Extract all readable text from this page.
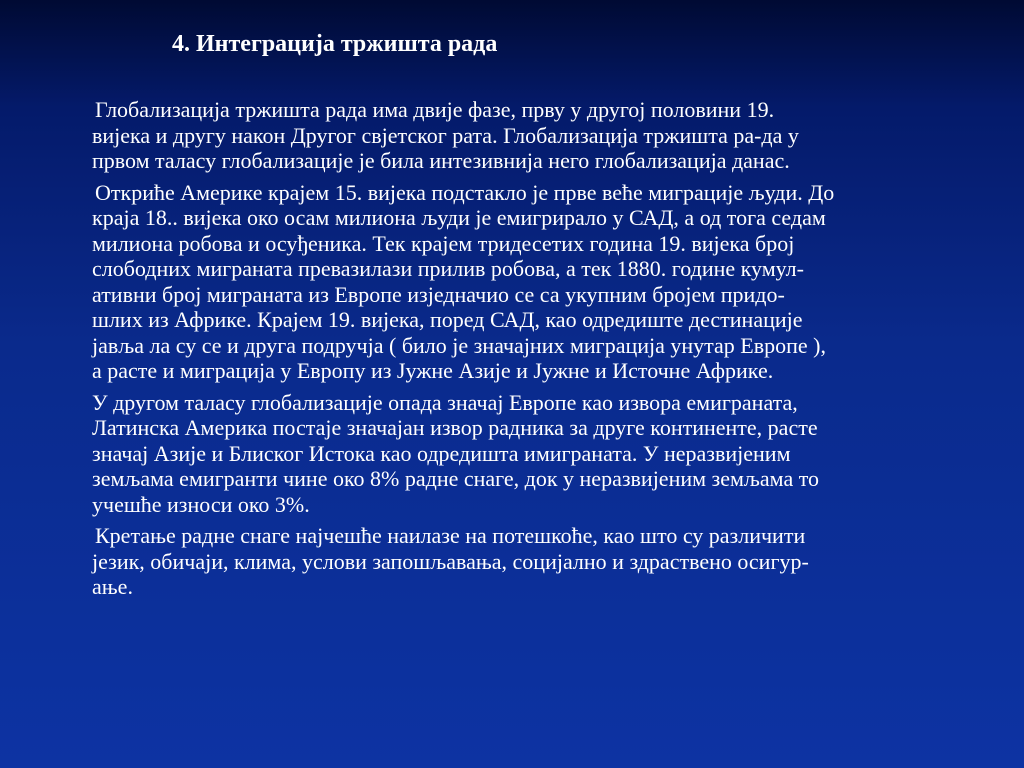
4. Интеграција тржишта рада

Глобализација тржишта рада има двије фазе, прву у другој половини 19.
вијека и другу након Другог свјетског рата. Глобализација тржишта ра-да у
првом таласу глобализације је била интезивнија него глобализација данас.

Откриће Америке крајем 15. вијека подстакло је прве веће миграције људи. До
краја 18.. вијека око осам милиона људи је емигрирало у САД, а од тога седам
милиона робова и осуђеника. Тек крајем тридесетих година 19. вијека број
слободних миграната превазилази прилив робова, а тек 1880. године кумул-
ативни број миграната из Европе изједначио се са укупним бројем придо-
шлих из Африке. Крајем 19. вијека, поред САД, као одредиште дестинације
јавља ла су се и друга подручја ( било је значајних миграција унутар Европе ),
а расте и миграција у Европу из Јужне Азије и Јужне и Источне Африке.

У другом таласу глобализације опада значај Европе као извора емиграната,
Латинска Америка постаје значајан извор радника за друге континенте, расте
значај Азије и Блиског Истока као одредишта имиграната. У неразвијеним
земљама емигранти чине око 8% радне снаге, док у неразвијеним земљама то
учешће износи око 3%.

Кретање радне снаге најчешће наилазе на потешкоће, као што су различити
језик, обичаји, клима, услови запошљавања, социјално и здраствено осигур-
ање.
